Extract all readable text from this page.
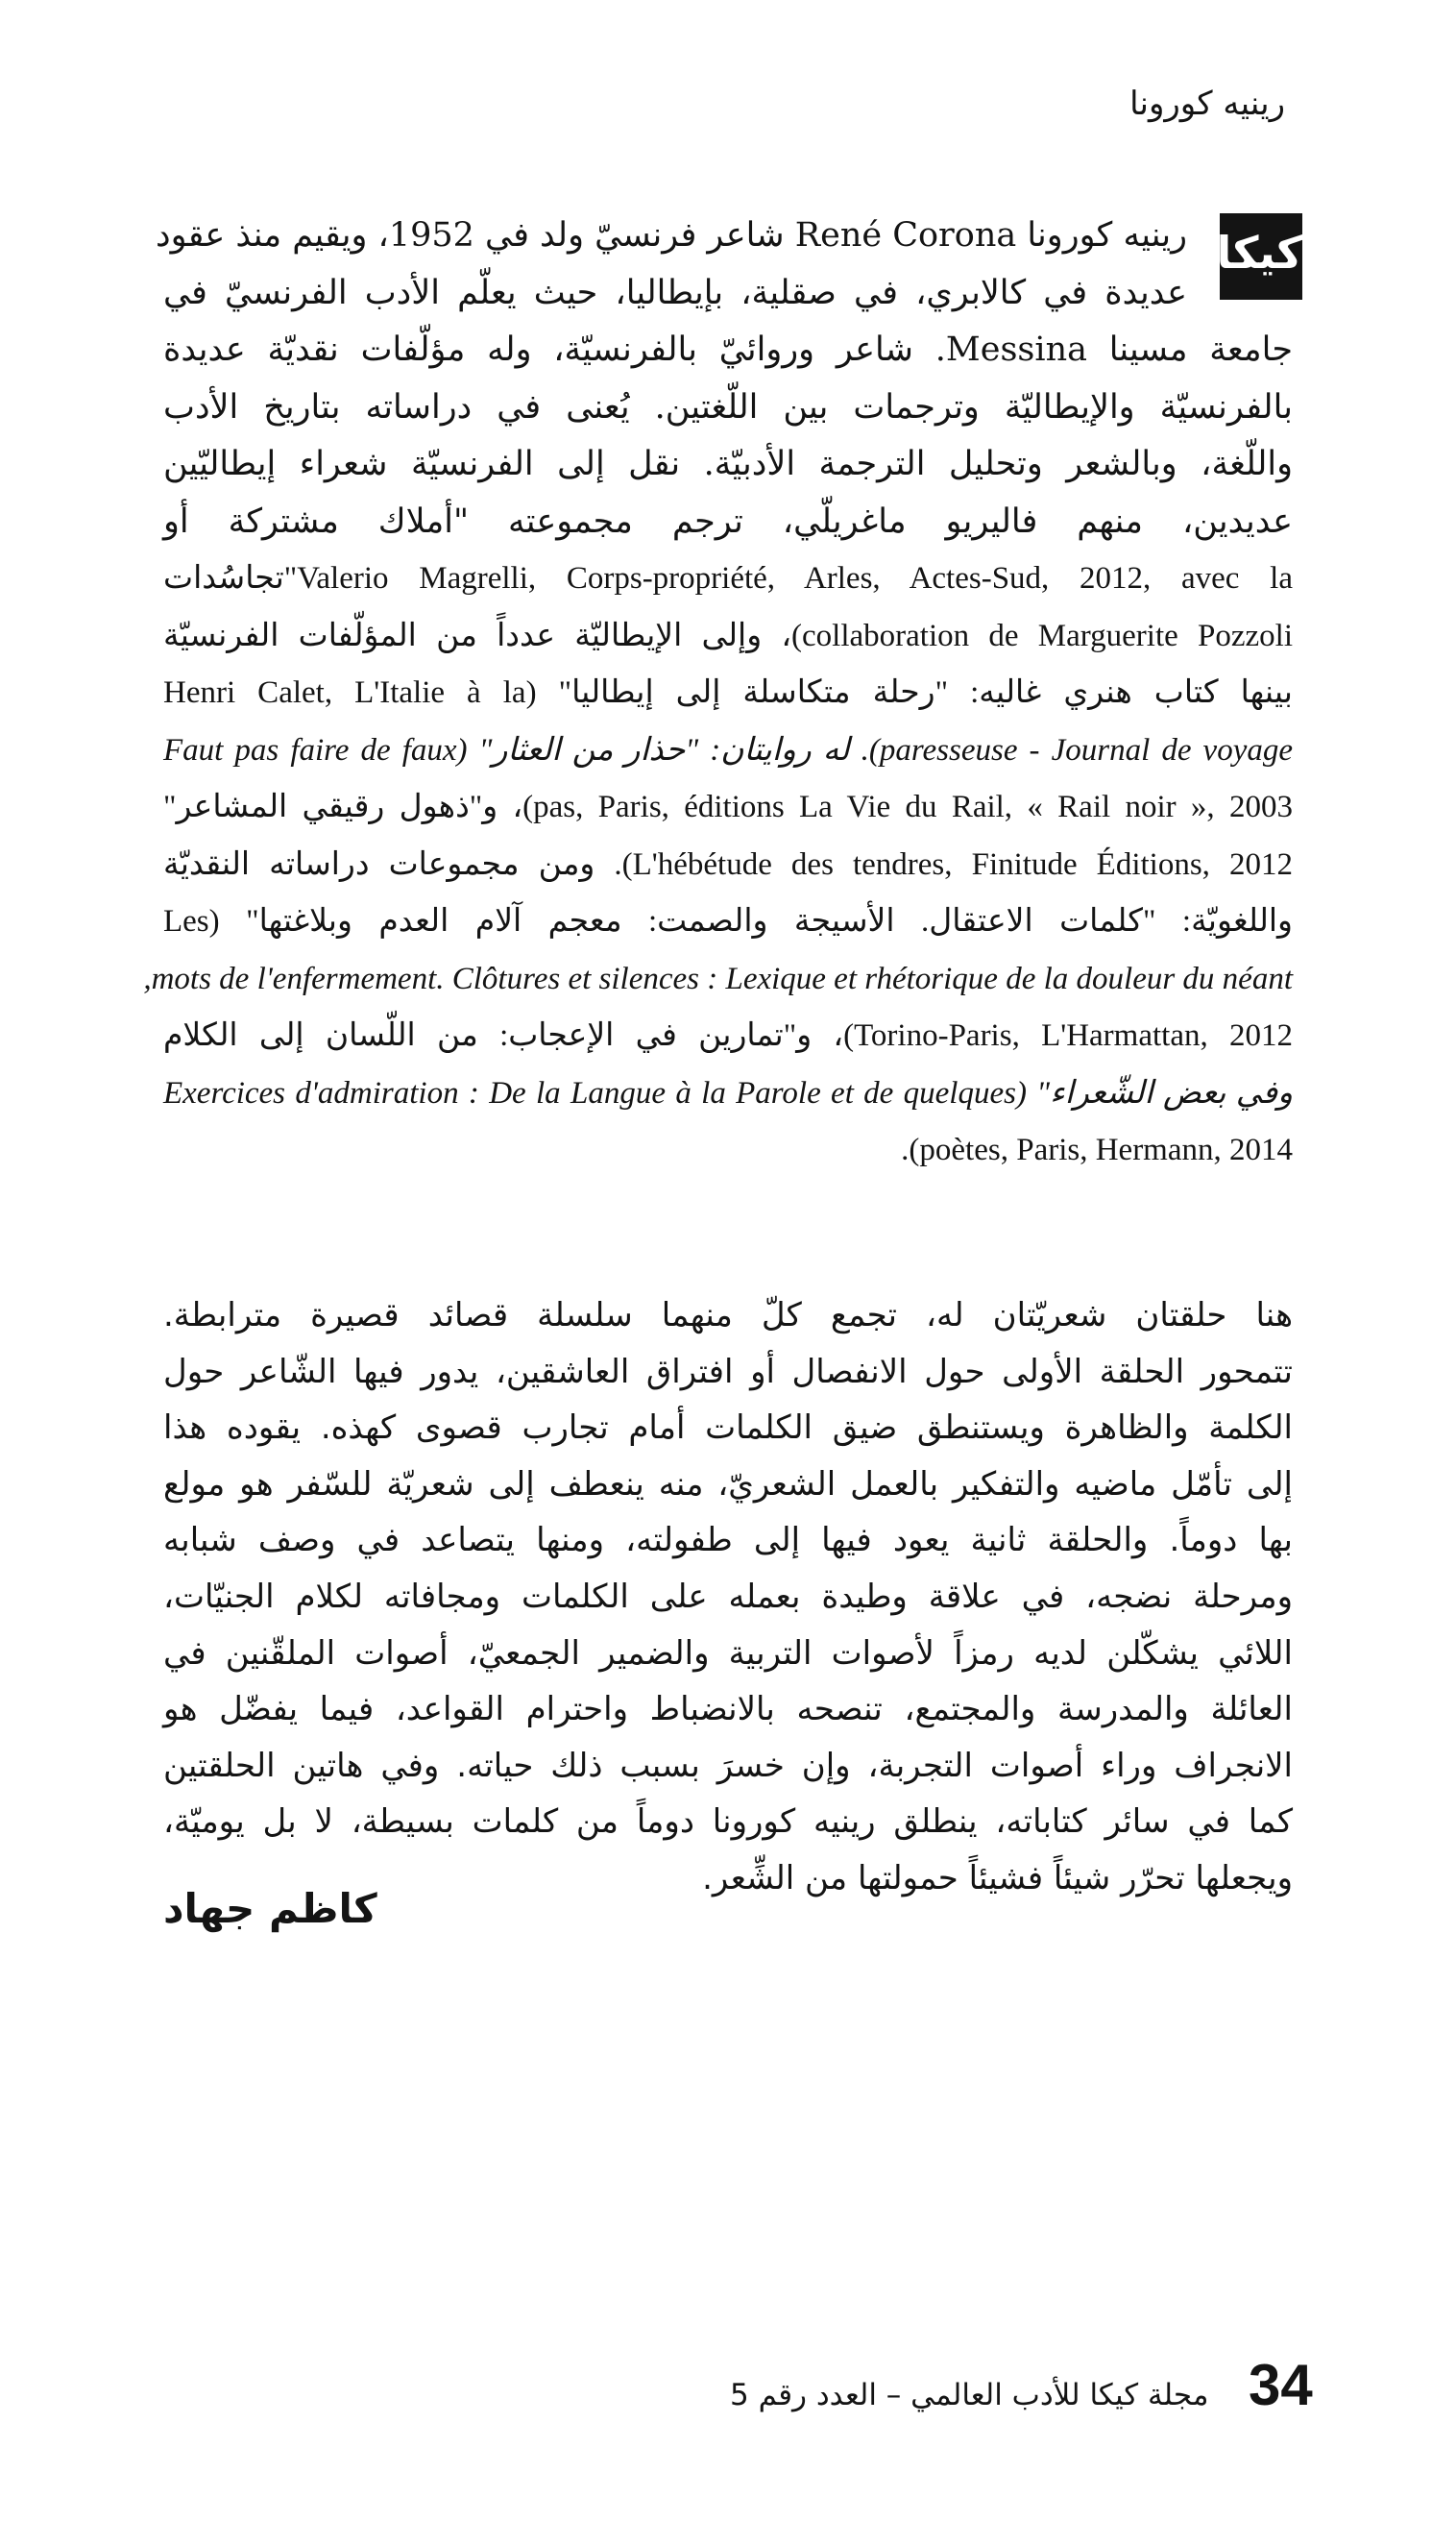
رينيه كورونا
كيكا
رينيه كورونا René Corona شاعر فرنسيّ ولد في 1952، ويقيم منذ عقود
عديدة في كالابري، في صقلية، بإيطاليا، حيث يعلّم الأدب الفرنسيّ في
جامعة مسينا Messina. شاعر وروائيّ بالفرنسيّة، وله مؤلّفات نقديّة عديدة
بالفرنسيّة والإيطاليّة وترجمات بين اللّغتين. يُعنى في دراساته بتاريخ الأدب
واللّغة، وبالشعر وتحليل الترجمة الأدبيّة. نقل إلى الفرنسيّة شعراء إيطاليّين
عديدين، منهم فاليريو ماغريلّي، ترجم مجموعته "أملاك مشتركة أو
Valerio Magrelli, Corps-propriété, Arles, Actes-Sud, 2012, avec la"تجاسُدات
collaboration de Marguerite Pozzoli)، وإلى الإيطاليّة عدداً من المؤلّفات الفرنسيّة
بينها كتاب هنري غاليه: "رحلة متكاسلة إلى إيطاليا" (Henri Calet, L'Italie à la
paresseuse - Journal de voyage). له روايتان: "حذار من العثار" (Faut pas faire de faux
pas, Paris, éditions La Vie du Rail, « Rail noir », 2003)، و"ذهول رقيقي المشاعر"
L'hébétude des tendres, Finitude Éditions, 2012). ومن مجموعات دراساته النقديّة
واللغويّة: "كلمات الاعتقال. الأسيجة والصمت: معجم آلام العدم وبلاغتها" (Les
mots de l'enfermement. Clôtures et silences : Lexique et rhétorique de la douleur du néant,
Torino-Paris, L'Harmattan, 2012)، و"تمارين في الإعجاب: من اللّسان إلى الكلام
وفي بعض الشّعراء" (Exercices d'admiration : De la Langue à la Parole et de quelques
poètes, Paris, Hermann, 2014).
هنا حلقتان شعريّتان له، تجمع كلّ منهما سلسلة قصائد قصيرة مترابطة.
تتمحور الحلقة الأولى حول الانفصال أو افتراق العاشقين، يدور فيها الشّاعر حول
الكلمة والظاهرة ويستنطق ضيق الكلمات أمام تجارب قصوى كهذه. يقوده هذا
إلى تأمّل ماضيه والتفكير بالعمل الشعريّ، منه ينعطف إلى شعريّة للسّفر هو مولع
بها دوماً. والحلقة ثانية يعود فيها إلى طفولته، ومنها يتصاعد في وصف شبابه
ومرحلة نضجه، في علاقة وطيدة بعمله على الكلمات ومجافاته لكلام الجنيّات،
اللائي يشكّلن لديه رمزاً لأصوات التربية والضمير الجمعيّ، أصوات الملقّنين في
العائلة والمدرسة والمجتمع، تنصحه بالانضباط واحترام القواعد، فيما يفضّل هو
الانجراف وراء أصوات التجربة، وإن خسرَ بسبب ذلك حياته. وفي هاتين الحلقتين
كما في سائر كتاباته، ينطلق رينيه كورونا دوماً من كلمات بسيطة، لا بل يوميّة،
ويجعلها تحرّر شيئاً فشيئاً حمولتها من الشِّعر.
كاظم جهاد
مجلة كيكا للأدب العالمي – العدد رقم 5 34
